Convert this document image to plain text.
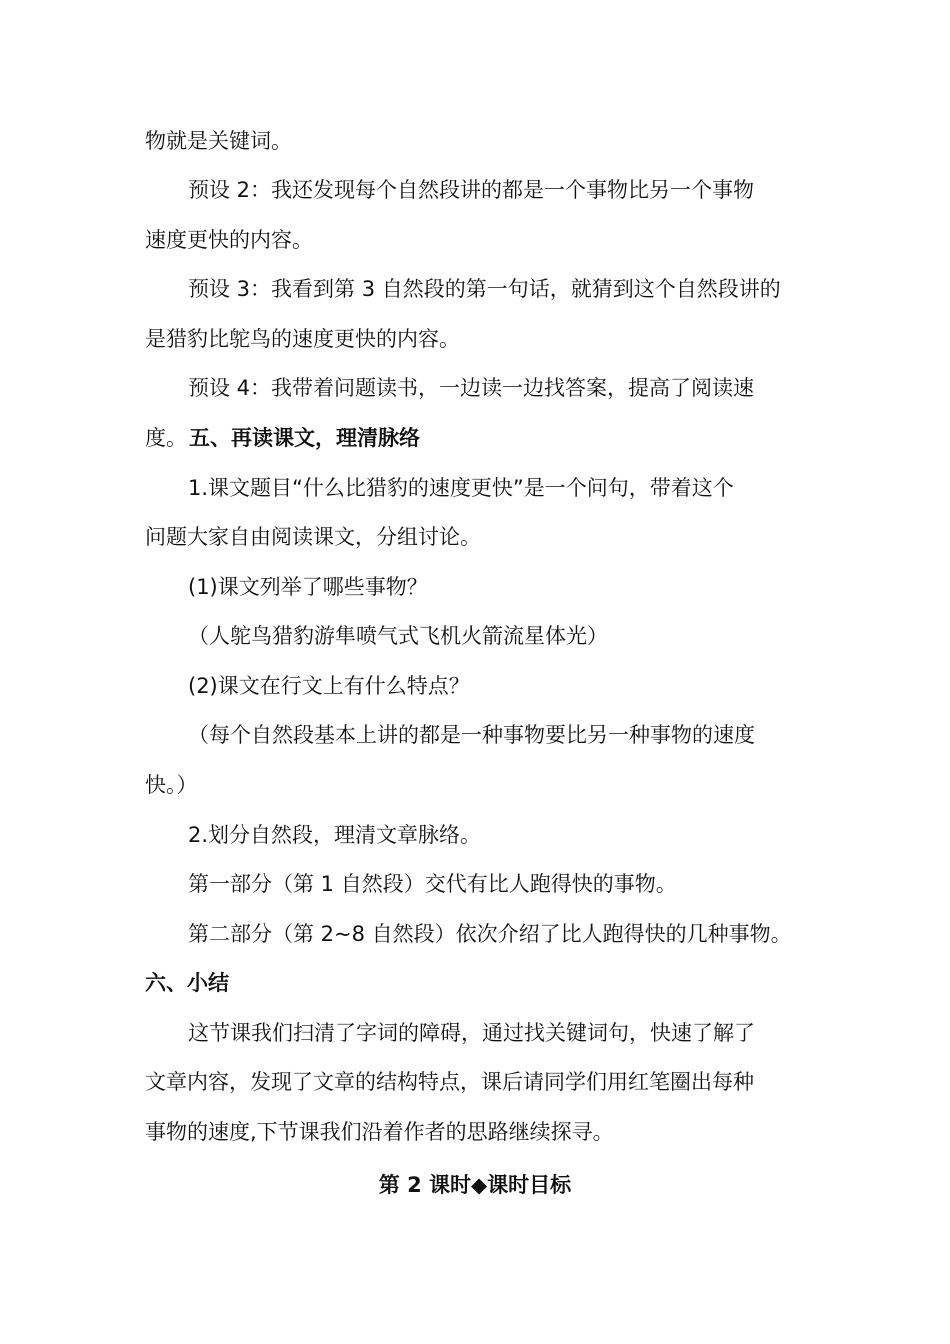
物就是关键词。
预设 2：我还发现每个自然段讲的都是一个事物比另一个事物
速度更快的内容。
预设 3：我看到第 3 自然段的第一句话，就猜到这个自然段讲的
是猎豹比鸵鸟的速度更快的内容。
预设 4：我带着问题读书，一边读一边找答案，提高了阅读速
度。 五、再读课文，理清脉络
1.课文题目“什么比猎豹的速度更快”是一个问句，带着这个
问题大家自由阅读课文，分组讨论。
(1)课文列举了哪些事物？
（人鸵鸟猎豹游隼喷气式飞机火箭流星体光）
(2)课文在行文上有什么特点？
（每个自然段基本上讲的都是一种事物要比另一种事物的速度
快。）
2.划分自然段，理清文章脉络。
第一部分（第 1 自然段）交代有比人跑得快的事物。
第二部分（第 2~8 自然段）依次介绍了比人跑得快的几种事物。
六、小结
这节课我们扫清了字词的障碍，通过找关键词句，快速了解了
文章内容，发现了文章的结构特点，课后请同学们用红笔圈出每种
事物的速度,下节课我们沿着作者的思路继续探寻。
第 2 课时◆课时目标
